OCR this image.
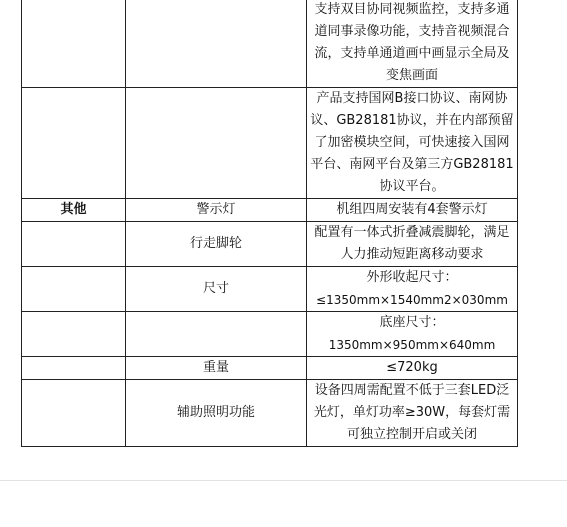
		支持双目协同视频监控，支持多通道同事录像功能，支持音视频混合流，支持单通道画中画显示全局及变焦画面

		产品支持国网B接口协议、南网协议、GB28181协议，并在内部预留了加密模块空间，可快速接入国网平台、南网平台及第三方GB28181协议平台。

其他	警示灯	机组四周安装有4套警示灯

	行走脚轮	配置有一体式折叠减震脚轮，满足人力推动短距离移动要求

	尺寸	外形收起尺寸：
≤1350mm×1540mm2×030mm

		底座尺寸：
1350mm×950mm×640mm

	重量	≤720kg

	辅助照明功能	设备四周需配置不低于三套LED泛光灯，单灯功率≥30W，每套灯需可独立控制开启或关闭
